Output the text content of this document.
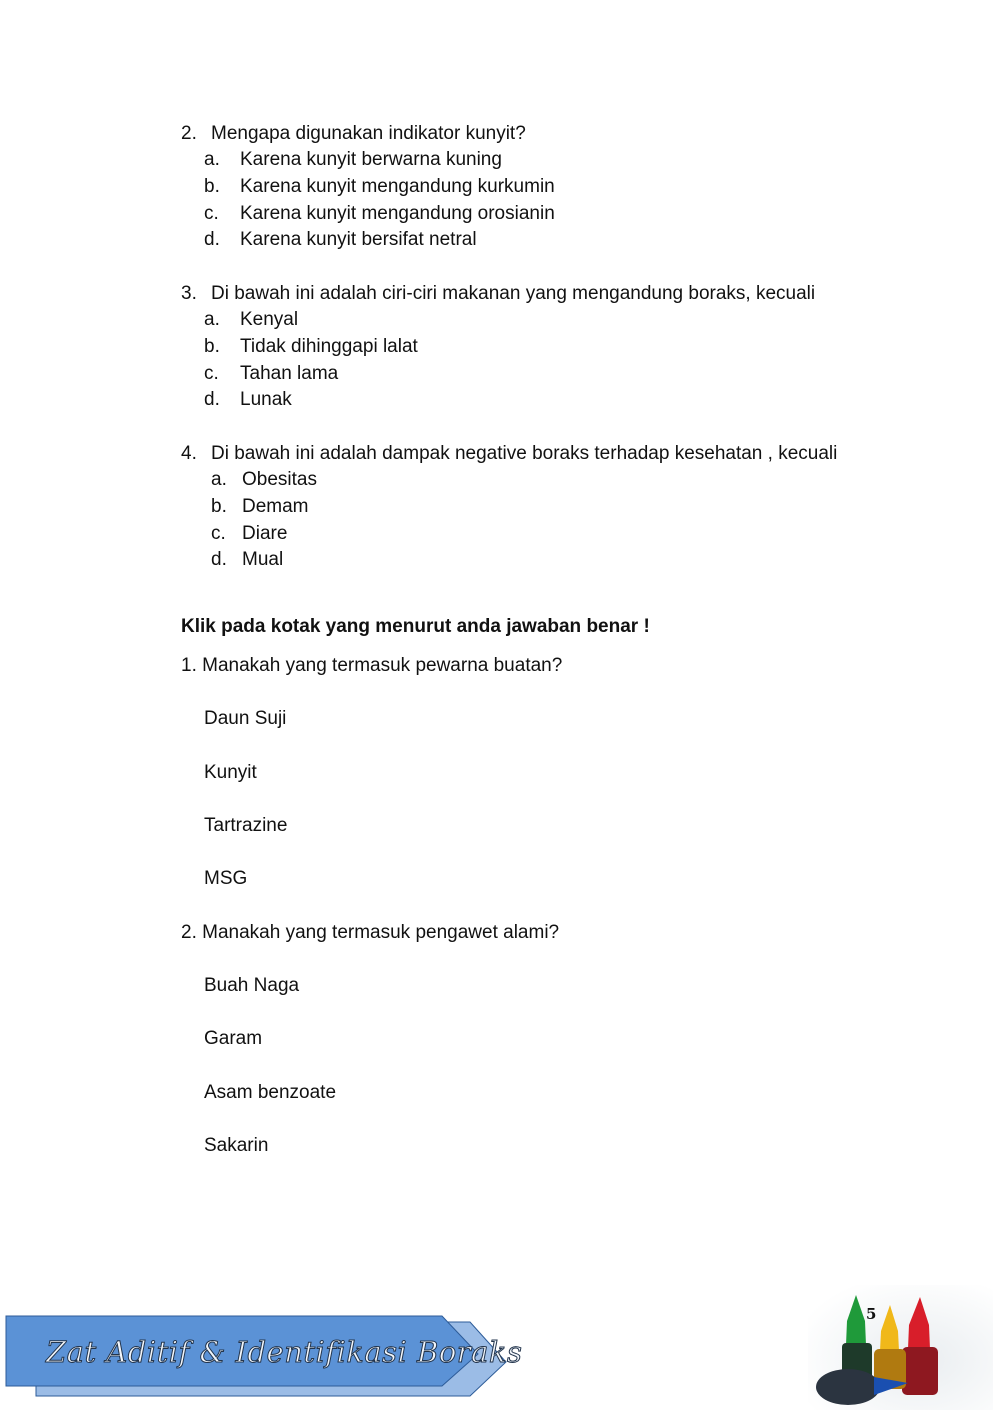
2. Mengapa digunakan indikator kunyit?
a. Karena kunyit berwarna kuning
b. Karena kunyit mengandung kurkumin
c. Karena kunyit mengandung orosianin
d. Karena kunyit bersifat netral
3. Di bawah ini adalah ciri-ciri makanan yang mengandung boraks, kecuali
a. Kenyal
b. Tidak dihinggapi lalat
c. Tahan lama
d. Lunak
4. Di bawah ini adalah dampak negative boraks terhadap kesehatan , kecuali
a. Obesitas
b. Demam
c. Diare
d. Mual
Klik pada kotak yang menurut anda jawaban benar !
1. Manakah yang termasuk pewarna buatan?
Daun Suji
Kunyit
Tartrazine
MSG
2. Manakah yang termasuk pengawet alami?
Buah Naga
Garam
Asam benzoate
Sakarin
Zat Aditif & Identifikasi Boraks
5
